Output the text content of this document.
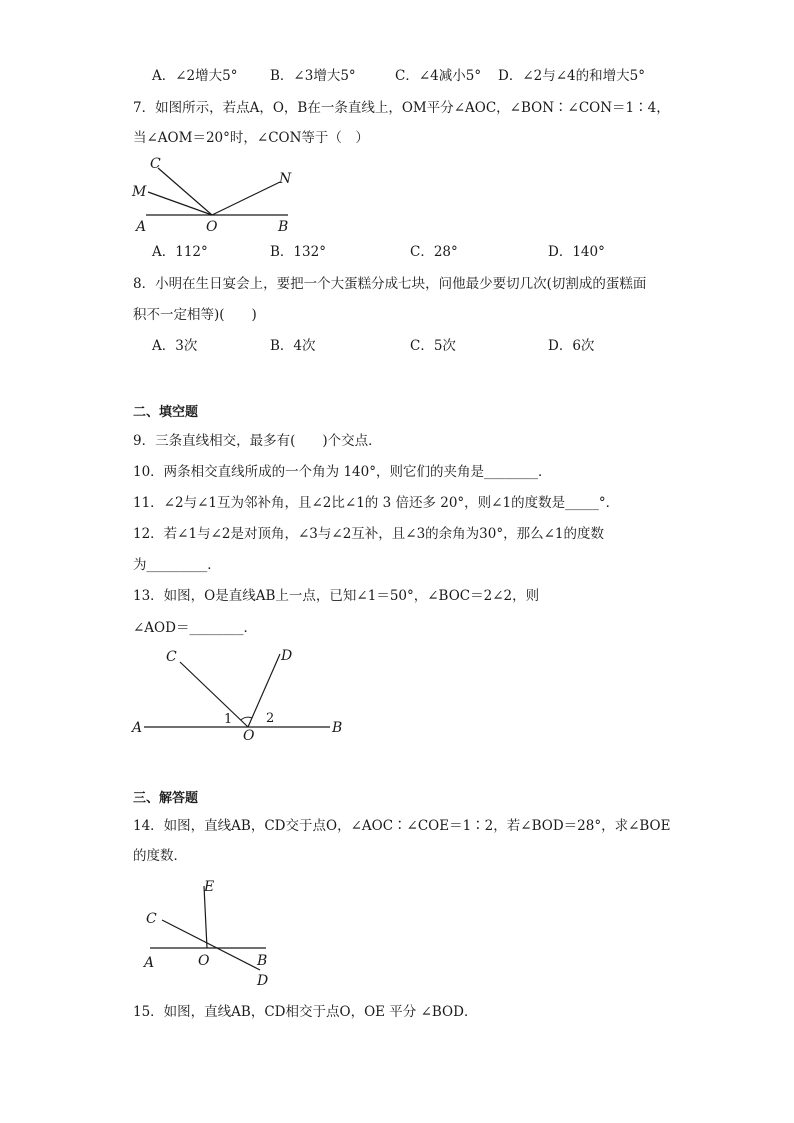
A．∠2增大5° B．∠3增大5°	C．∠4减小5° D．∠2与∠4的和增大5°
7．如图所示，若点A，O，B在一条直线上，OM平分∠AOC，∠BON∶∠CON＝1∶4，
当∠AOM＝20°时，∠CON等于（　）
C
M
N
A	O	B
A．112°	B．132°	C．28°	D．140°
8．小明在生日宴会上，要把一个大蛋糕分成七块，问他最少要切几次(切割成的蛋糕面
积不一定相等)(　　)
A．3次	B．4次	C．5次	D．6次
二、填空题
9．三条直线相交，最多有(　　)个交点．
10．两条相交直线所成的一个角为 140°，则它们的夹角是________．
11．∠2与∠1互为邻补角，且∠2比∠1的 3 倍还多 20°，则∠1的度数是_____°．
12．若∠1与∠2是对顶角，∠3与∠2互补，且∠3的余角为30°，那么∠1的度数
为_________．
13．如图，O是直线AB上一点，已知∠1＝50°，∠BOC＝2∠2，则
∠AOD＝________．
C	D
A	O	B
1	2
三、解答题
14．如图，直线AB，CD交于点O，∠AOC∶∠COE＝1∶2，若∠BOD＝28°，求∠BOE
的度数．
E
C
A	O	B
D
15．如图，直线AB，CD相交于点O，OE 平分 ∠BOD．
